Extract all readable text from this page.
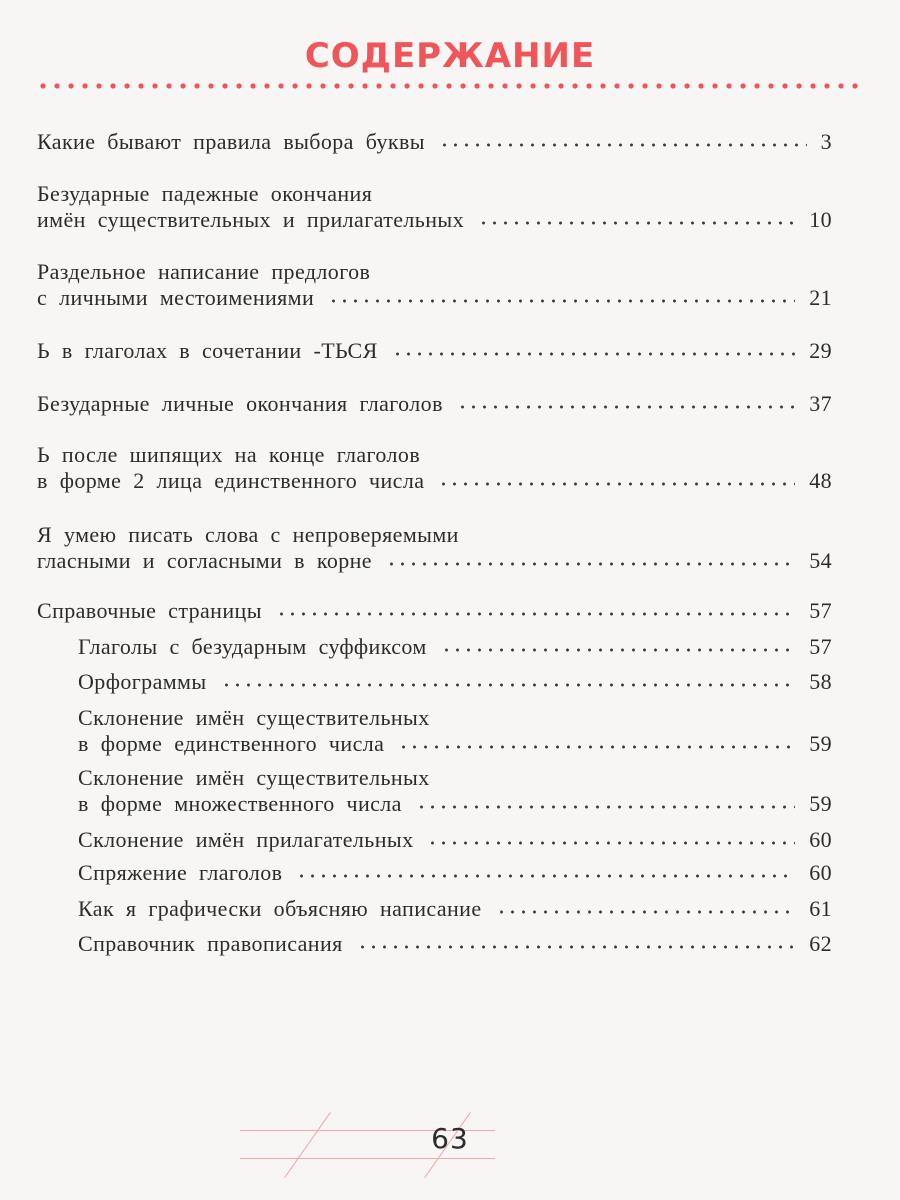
СОДЕРЖАНИЕ
Какие бывают правила выбора буквы	3
Безударные падежные окончания
имён существительных и прилагательных	10
Раздельное написание предлогов
с личными местоимениями	21
Ь в глаголах в сочетании -ТЬСЯ	29
Безударные личные окончания глаголов	37
Ь после шипящих на конце глаголов
в форме 2 лица единственного числа	48
Я умею писать слова с непроверяемыми
гласными и согласными в корне	54
Справочные страницы	57
Глаголы с безударным суффиксом	57
Орфограммы	58
Склонение имён существительных
в форме единственного числа	59
Склонение имён существительных
в форме множественного числа	59
Склонение имён прилагательных	60
Спряжение глаголов	60
Как я графически объясняю написание	61
Справочник правописания	62
63
